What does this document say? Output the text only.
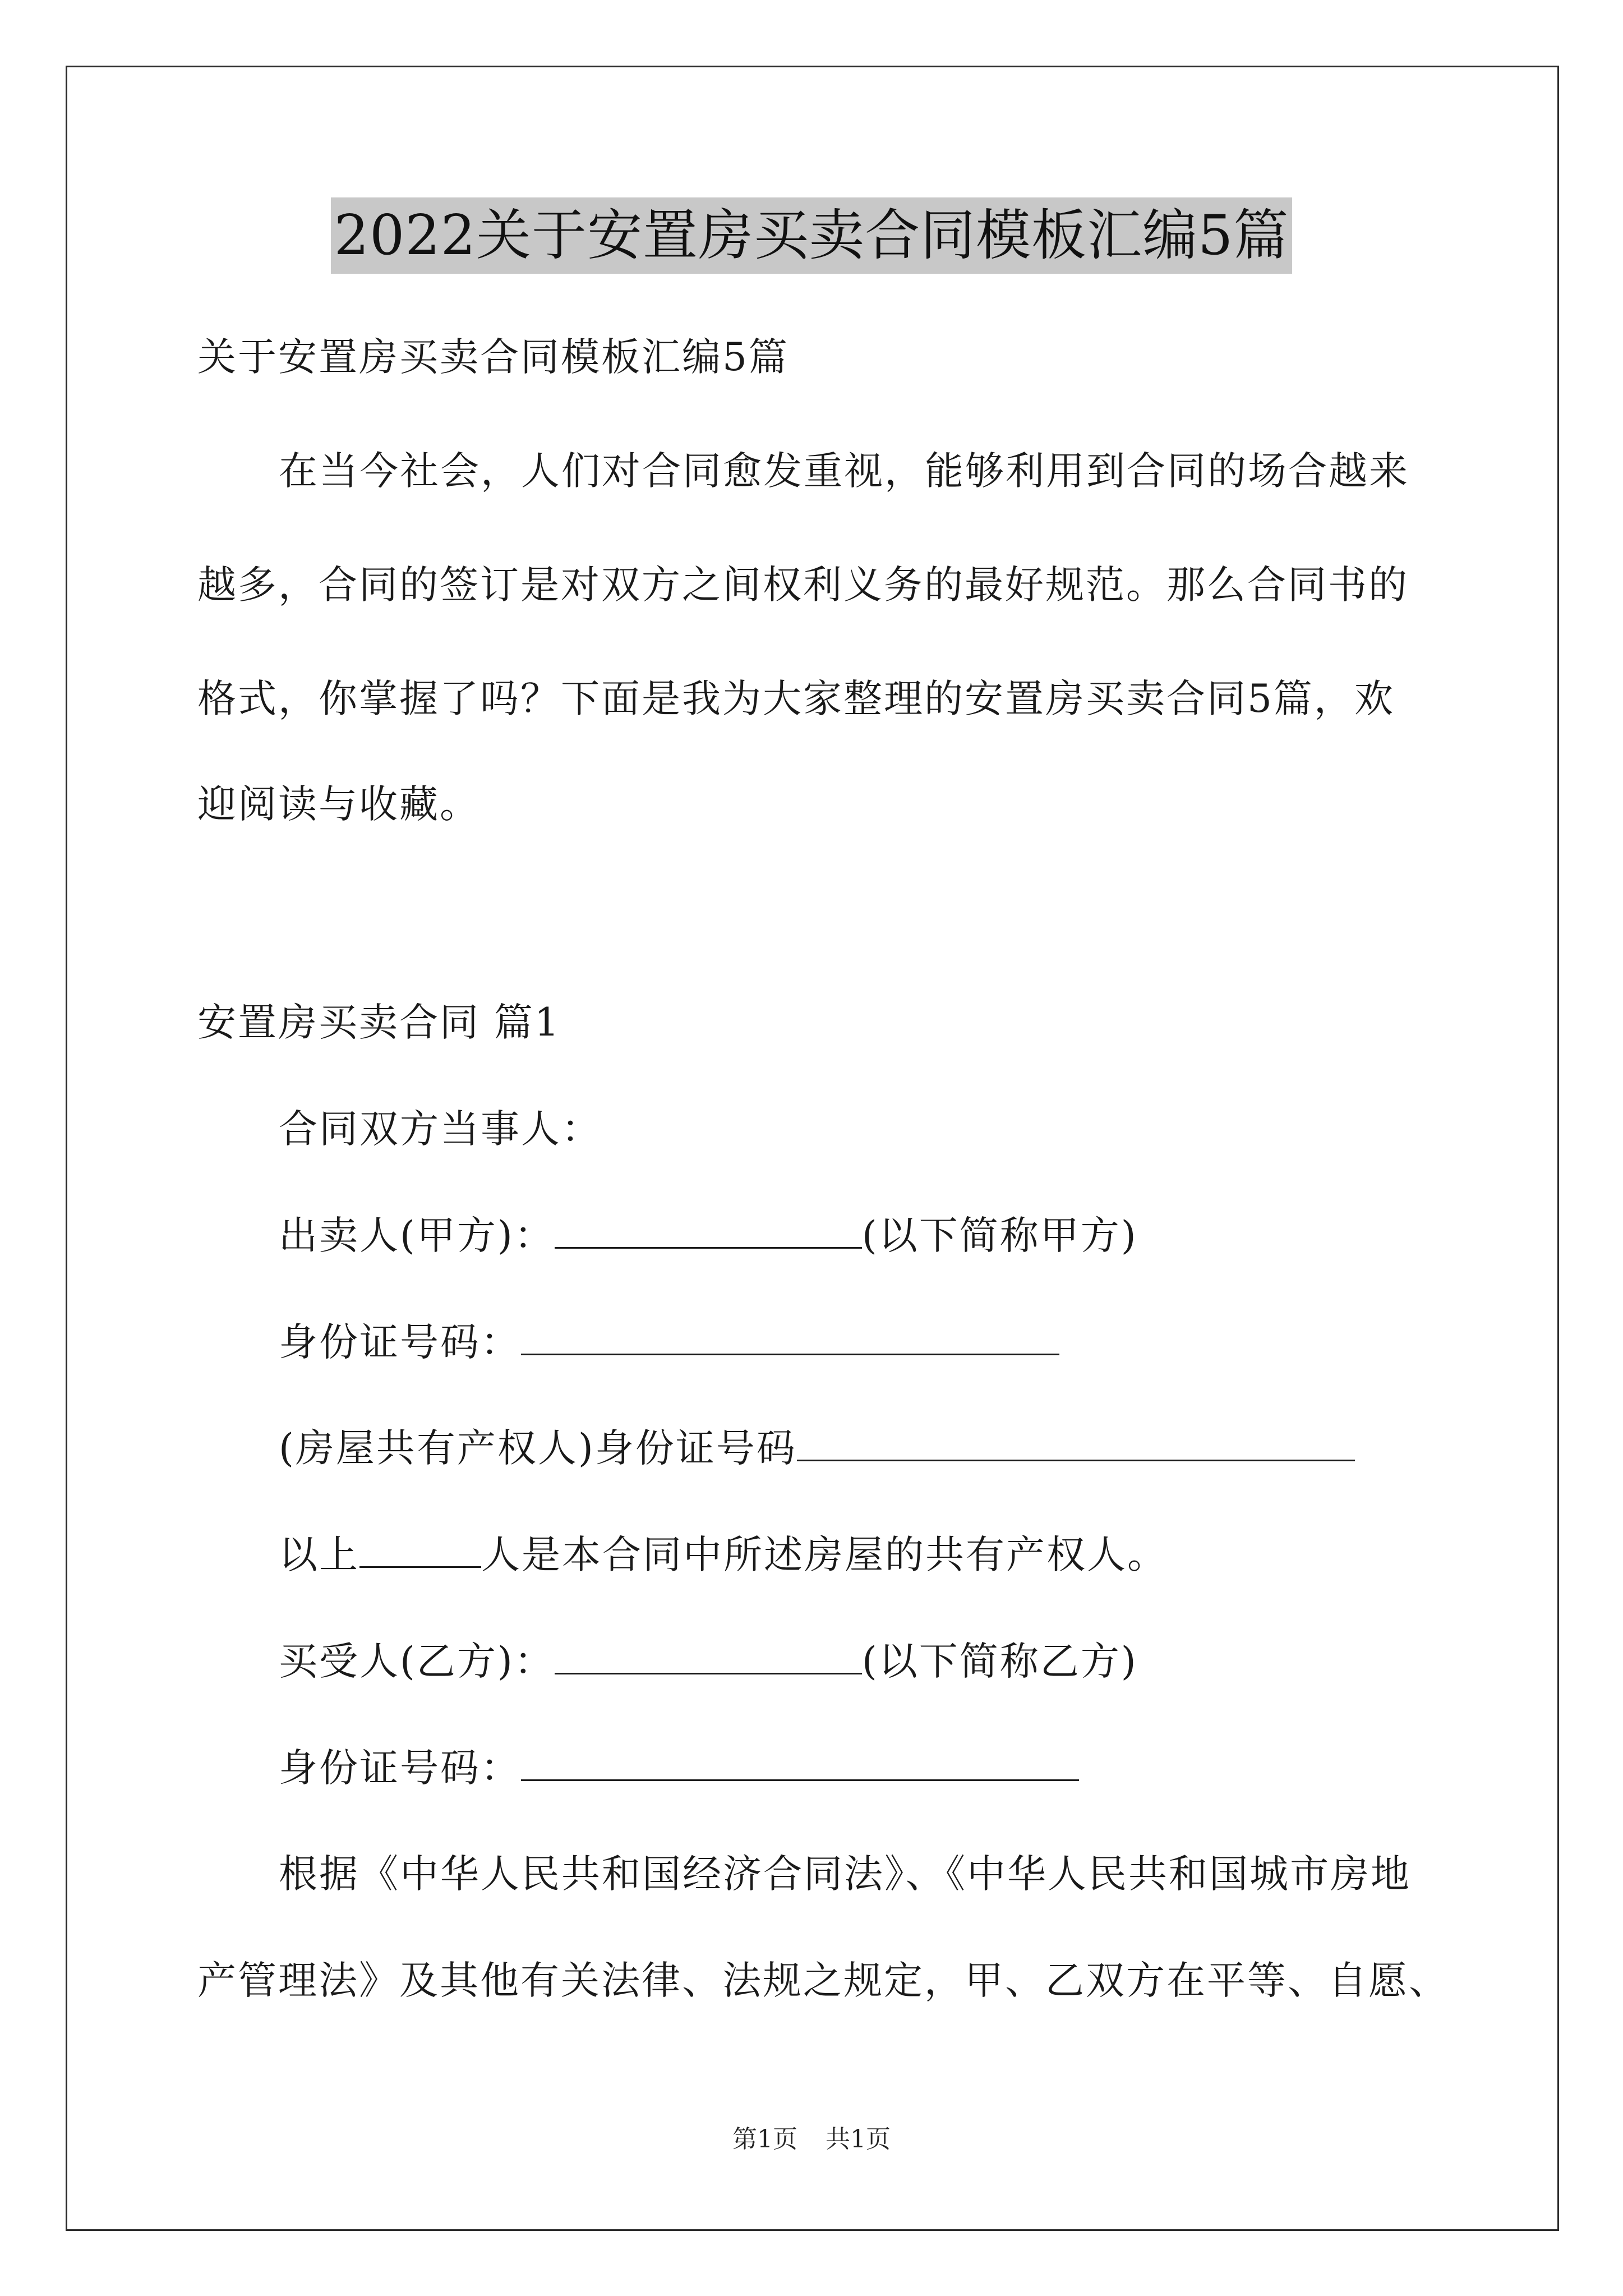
2022关于安置房买卖合同模板汇编5篇
关于安置房买卖合同模板汇编5篇
在当今社会，人们对合同愈发重视，能够利用到合同的场合越来
越多，合同的签订是对双方之间权利义务的最好规范。那么合同书的
格式，你掌握了吗？下面是我为大家整理的安置房买卖合同5篇，欢
迎阅读与收藏。
安置房买卖合同 篇1
合同双方当事人：
出卖人(甲方)：	(以下简称甲方)
身份证号码：
(房屋共有产权人)身份证号码
以上	人是本合同中所述房屋的共有产权人。
买受人(乙方)：	(以下简称乙方)
身份证号码：
根据《中华人民共和国经济合同法》、《中华人民共和国城市房地
产管理法》及其他有关法律、法规之规定，甲、乙双方在平等、自愿、
第1页 共1页
